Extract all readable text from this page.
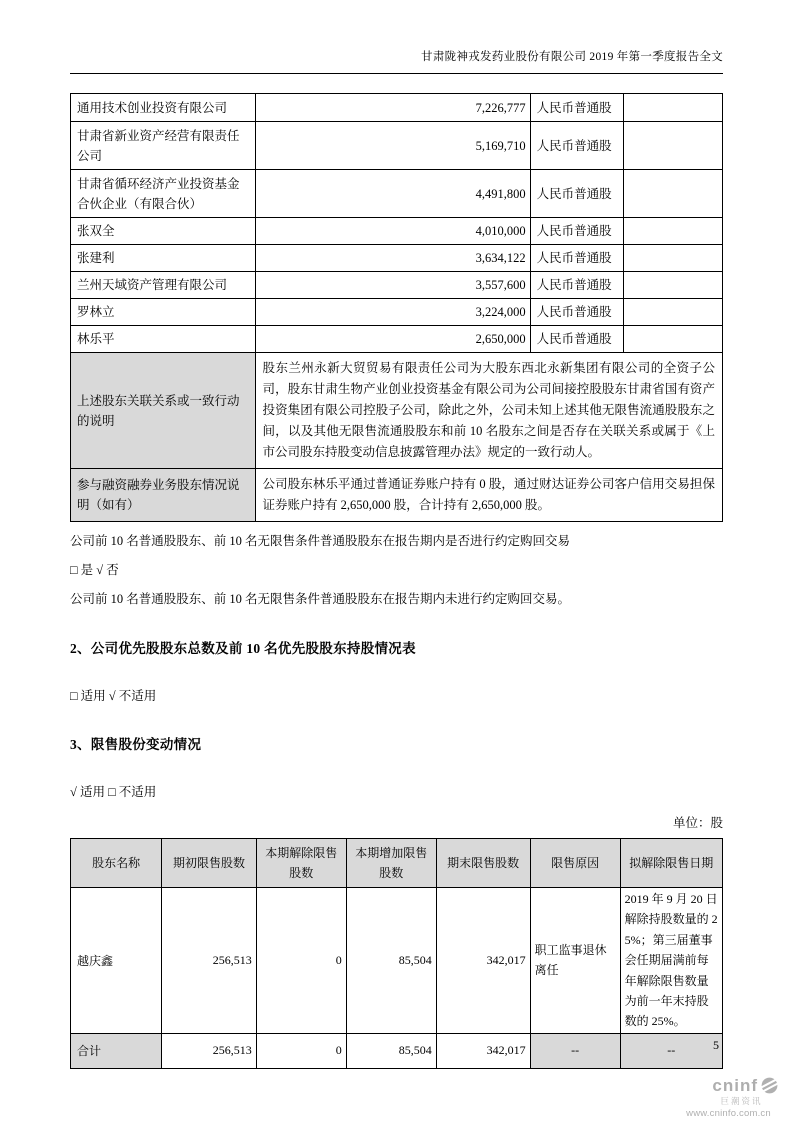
甘肃陇神戎发药业股份有限公司 2019 年第一季度报告全文
通用技术创业投资有限公司	7,226,777	人民币普通股	
甘肃省新业资产经营有限责任公司	5,169,710	人民币普通股	
甘肃省循环经济产业投资基金合伙企业（有限合伙）	4,491,800	人民币普通股	
张双全	4,010,000	人民币普通股	
张建利	3,634,122	人民币普通股	
兰州天域资产管理有限公司	3,557,600	人民币普通股	
罗林立	3,224,000	人民币普通股	
林乐平	2,650,000	人民币普通股	
上述股东关联关系或一致行动的说明	股东兰州永新大贸贸易有限责任公司为大股东西北永新集团有限公司的全资子公司，股东甘肃生物产业创业投资基金有限公司为公司间接控股股东甘肃省国有资产投资集团有限公司控股子公司，除此之外，公司未知上述其他无限售流通股股东之间，以及其他无限售流通股股东和前 10 名股东之间是否存在关联关系或属于《上市公司股东持股变动信息披露管理办法》规定的一致行动人。		
参与融资融券业务股东情况说明（如有）	公司股东林乐平通过普通证券账户持有 0 股，通过财达证券公司客户信用交易担保证券账户持有 2,650,000 股，合计持有 2,650,000 股。		
公司前 10 名普通股股东、前 10 名无限售条件普通股股东在报告期内是否进行约定购回交易
□ 是 √ 否
公司前 10 名普通股股东、前 10 名无限售条件普通股股东在报告期内未进行约定购回交易。
2、公司优先股股东总数及前 10 名优先股股东持股情况表
□ 适用 √ 不适用
3、限售股份变动情况
√ 适用 □ 不适用
单位：股
股东名称	期初限售股数	本期解除限售股数	本期增加限售股数	期末限售股数	限售原因	拟解除限售日期
越庆鑫	256,513	0	85,504	342,017	职工监事退休离任	2019 年 9 月 20 日解除持股数量的 25%；第三届董事会任期届满前每年解除限售数量为前一年末持股数的 25%。
合计	256,513	0	85,504	342,017	--	--	5
cninf
巨潮资讯
www.cninfo.com.cn
